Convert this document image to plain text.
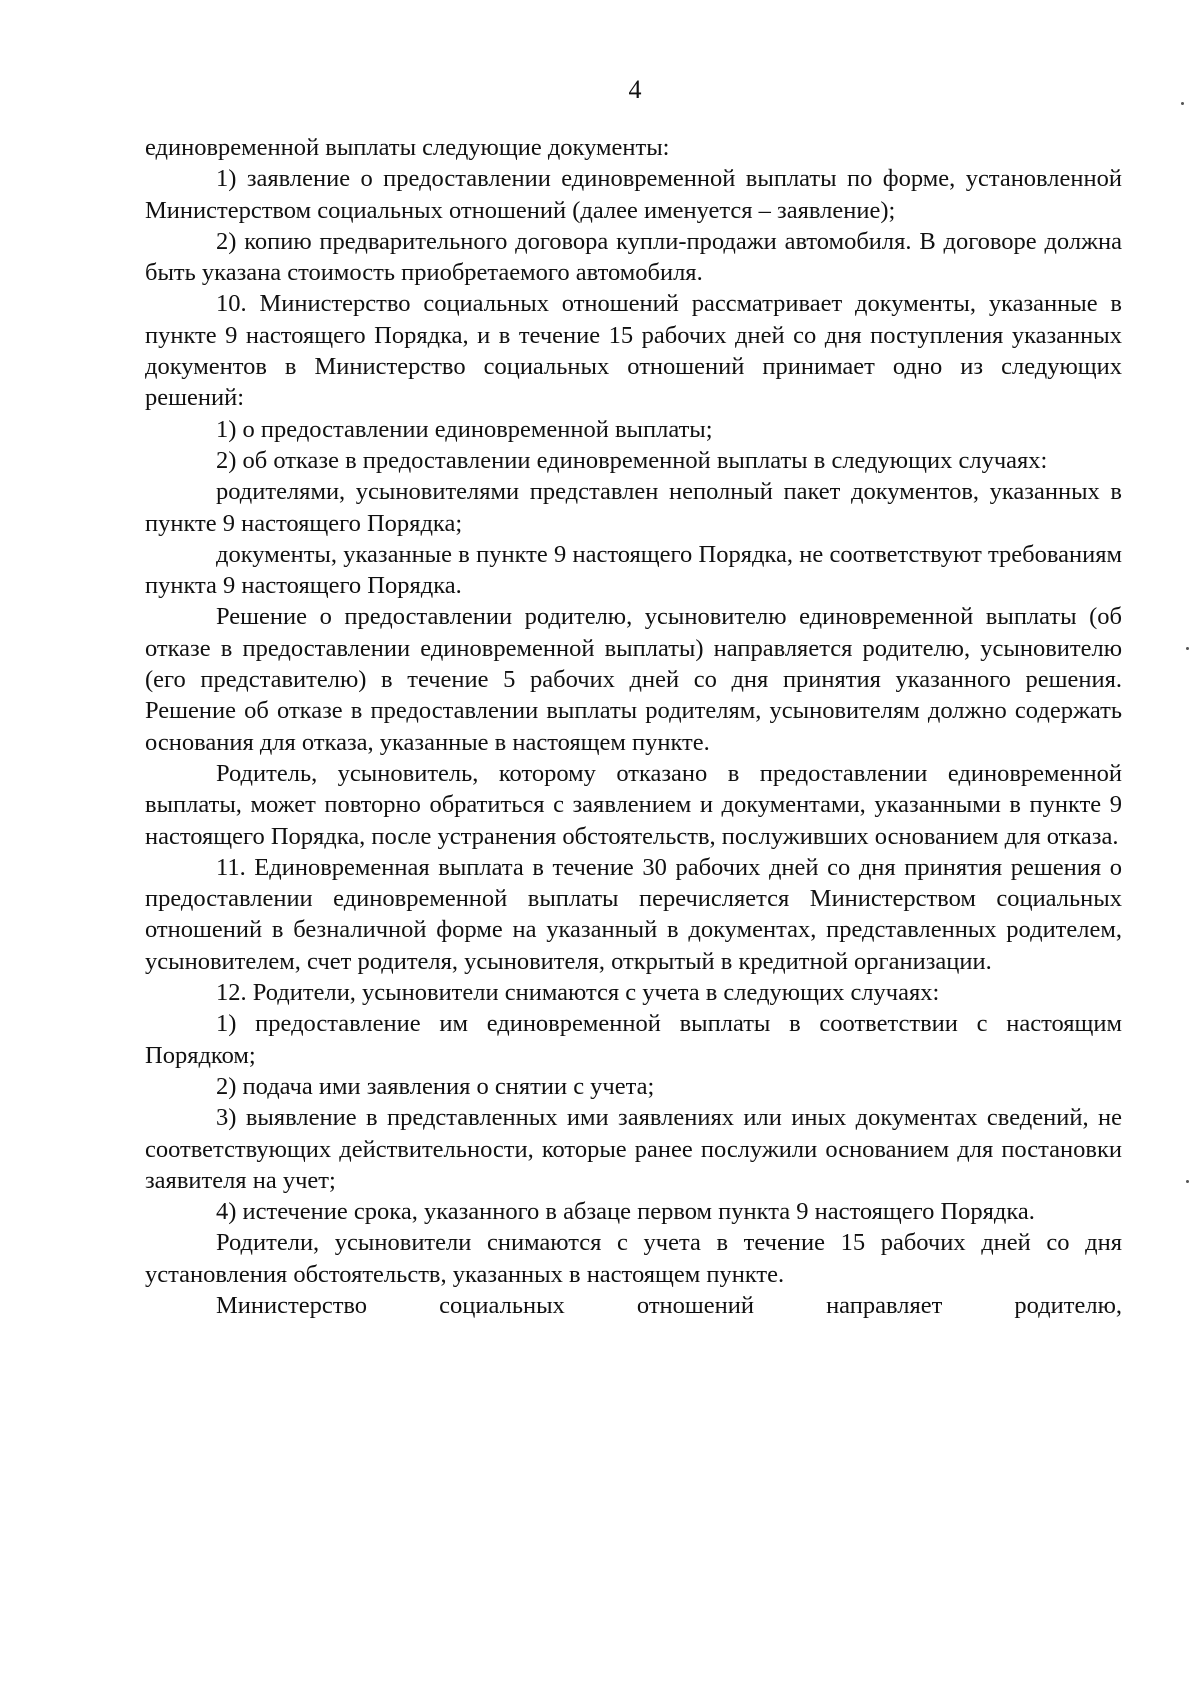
4

единовременной выплаты следующие документы:

1) заявление о предоставлении единовременной выплаты по форме, установленной Министерством социальных отношений (далее именуется – заявление);

2) копию предварительного договора купли-продажи автомобиля. В договоре должна быть указана стоимость приобретаемого автомобиля.

10. Министерство социальных отношений рассматривает документы, указанные в пункте 9 настоящего Порядка, и в течение 15 рабочих дней со дня поступления указанных документов в Министерство социальных отношений принимает одно из следующих решений:

1) о предоставлении единовременной выплаты;

2) об отказе в предоставлении единовременной выплаты в следующих случаях:

родителями, усыновителями представлен неполный пакет документов, указанных в пункте 9 настоящего Порядка;

документы, указанные в пункте 9 настоящего Порядка, не соответствуют требованиям пункта 9 настоящего Порядка.

Решение о предоставлении родителю, усыновителю единовременной выплаты (об отказе в предоставлении единовременной выплаты) направляется родителю, усыновителю (его представителю) в течение 5 рабочих дней со дня принятия указанного решения. Решение об отказе в предоставлении выплаты родителям, усыновителям должно содержать основания для отказа, указанные в настоящем пункте.

Родитель, усыновитель, которому отказано в предоставлении единовременной выплаты, может повторно обратиться с заявлением и документами, указанными в пункте 9 настоящего Порядка, после устранения обстоятельств, послуживших основанием для отказа.

11. Единовременная выплата в течение 30 рабочих дней со дня принятия решения о предоставлении единовременной выплаты перечисляется Министерством социальных отношений в безналичной форме на указанный в документах, представленных родителем, усыновителем, счет родителя, усыновителя, открытый в кредитной организации.

12. Родители, усыновители снимаются с учета в следующих случаях:

1) предоставление им единовременной выплаты в соответствии с настоящим Порядком;

2) подача ими заявления о снятии с учета;

3) выявление в представленных ими заявлениях или иных документах сведений, не соответствующих действительности, которые ранее послужили основанием для постановки заявителя на учет;

4) истечение срока, указанного в абзаце первом пункта 9 настоящего Порядка.

Родители, усыновители снимаются с учета в течение 15 рабочих дней со дня установления обстоятельств, указанных в настоящем пункте.

Министерство социальных отношений направляет родителю,
